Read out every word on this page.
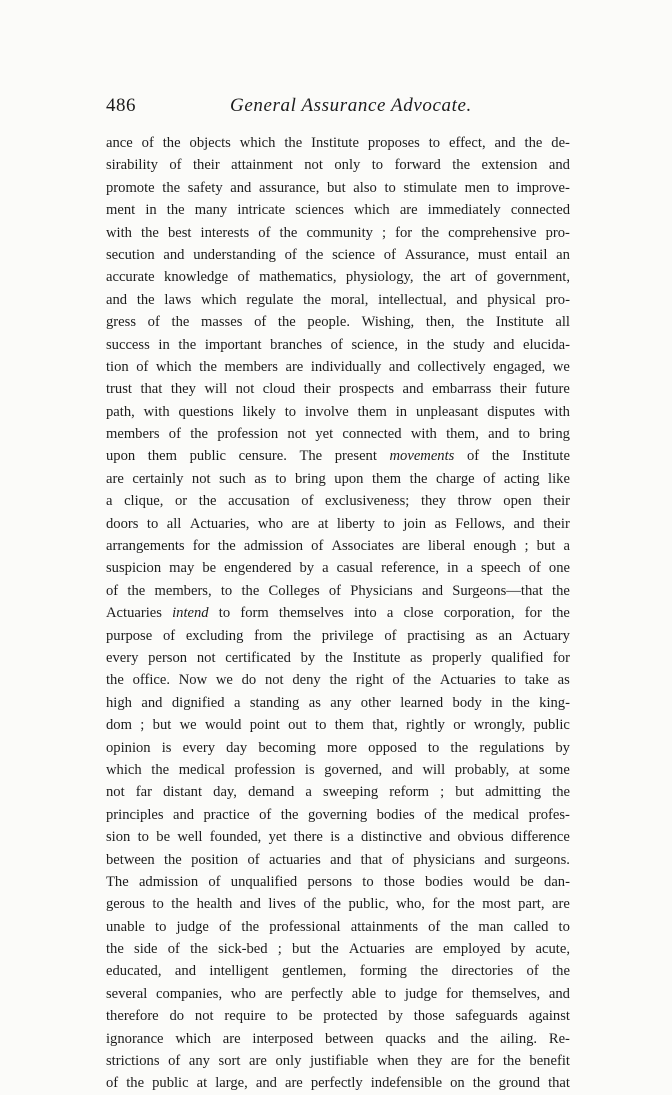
486	General Assurance Advocate.
ance of the objects which the Institute proposes to effect, and the de-
sirability of their attainment not only to forward the extension and
promote the safety and assurance, but also to stimulate men to improve-
ment in the many intricate sciences which are immediately connected
with the best interests of the community ; for the comprehensive pro-
secution and understanding of the science of Assurance, must entail an
accurate knowledge of mathematics, physiology, the art of government,
and the laws which regulate the moral, intellectual, and physical pro-
gress of the masses of the people. Wishing, then, the Institute all
success in the important branches of science, in the study and elucida-
tion of which the members are individually and collectively engaged, we
trust that they will not cloud their prospects and embarrass their future
path, with questions likely to involve them in unpleasant disputes with
members of the profession not yet connected with them, and to bring
upon them public censure. The present movements of the Institute
are certainly not such as to bring upon them the charge of acting like
a clique, or the accusation of exclusiveness; they throw open their
doors to all Actuaries, who are at liberty to join as Fellows, and their
arrangements for the admission of Associates are liberal enough ; but a
suspicion may be engendered by a casual reference, in a speech of one
of the members, to the Colleges of Physicians and Surgeons—that the
Actuaries intend to form themselves into a close corporation, for the
purpose of excluding from the privilege of practising as an Actuary
every person not certificated by the Institute as properly qualified for
the office. Now we do not deny the right of the Actuaries to take as
high and dignified a standing as any other learned body in the king-
dom ; but we would point out to them that, rightly or wrongly, public
opinion is every day becoming more opposed to the regulations by
which the medical profession is governed, and will probably, at some
not far distant day, demand a sweeping reform ; but admitting the
principles and practice of the governing bodies of the medical profes-
sion to be well founded, yet there is a distinctive and obvious difference
between the position of actuaries and that of physicians and surgeons.
The admission of unqualified persons to those bodies would be dan-
gerous to the health and lives of the public, who, for the most part, are
unable to judge of the professional attainments of the man called to
the side of the sick-bed ; but the Actuaries are employed by acute,
educated, and intelligent gentlemen, forming the directories of the
several companies, who are perfectly able to judge for themselves, and
therefore do not require to be protected by those safeguards against
ignorance which are interposed between quacks and the ailing. Re-
strictions of any sort are only justifiable when they are for the benefit
of the public at large, and are perfectly indefensible on the ground that
